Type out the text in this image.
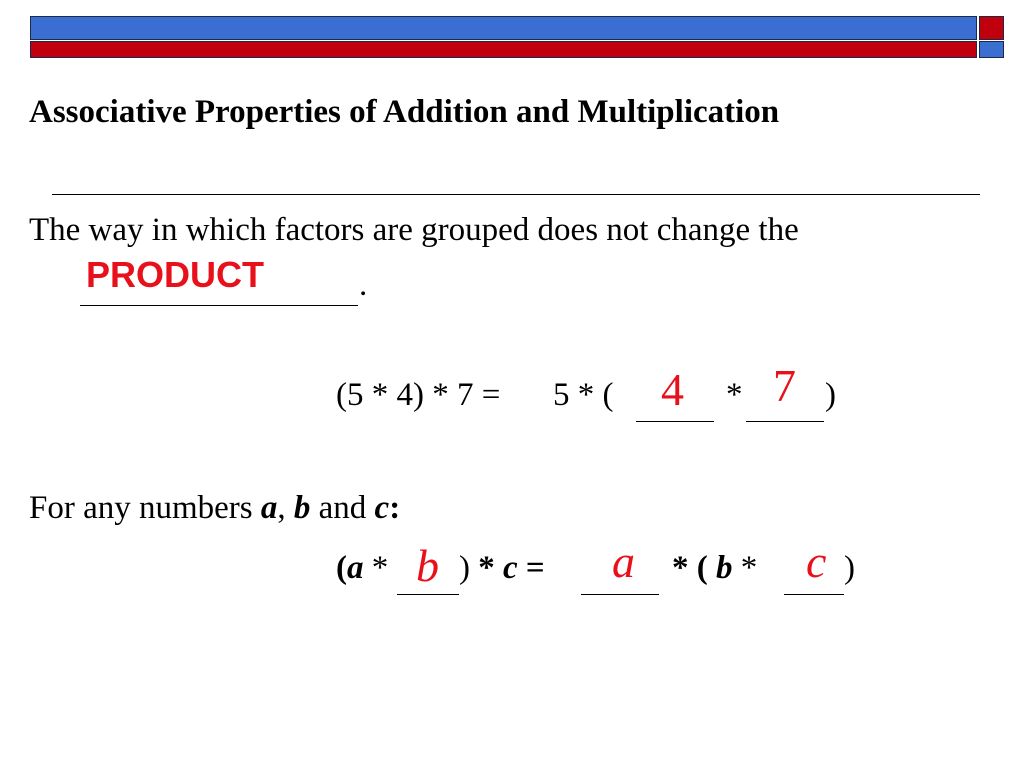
Associative Properties of Addition and Multiplication
The way in which factors are grouped does not change the
.
PRODUCT
(5 * 4) * 7 = 5 * (	*	)
4 7
For any numbers a, b and c:
(a * ) * c =	* ( b *	)
b	a	c
